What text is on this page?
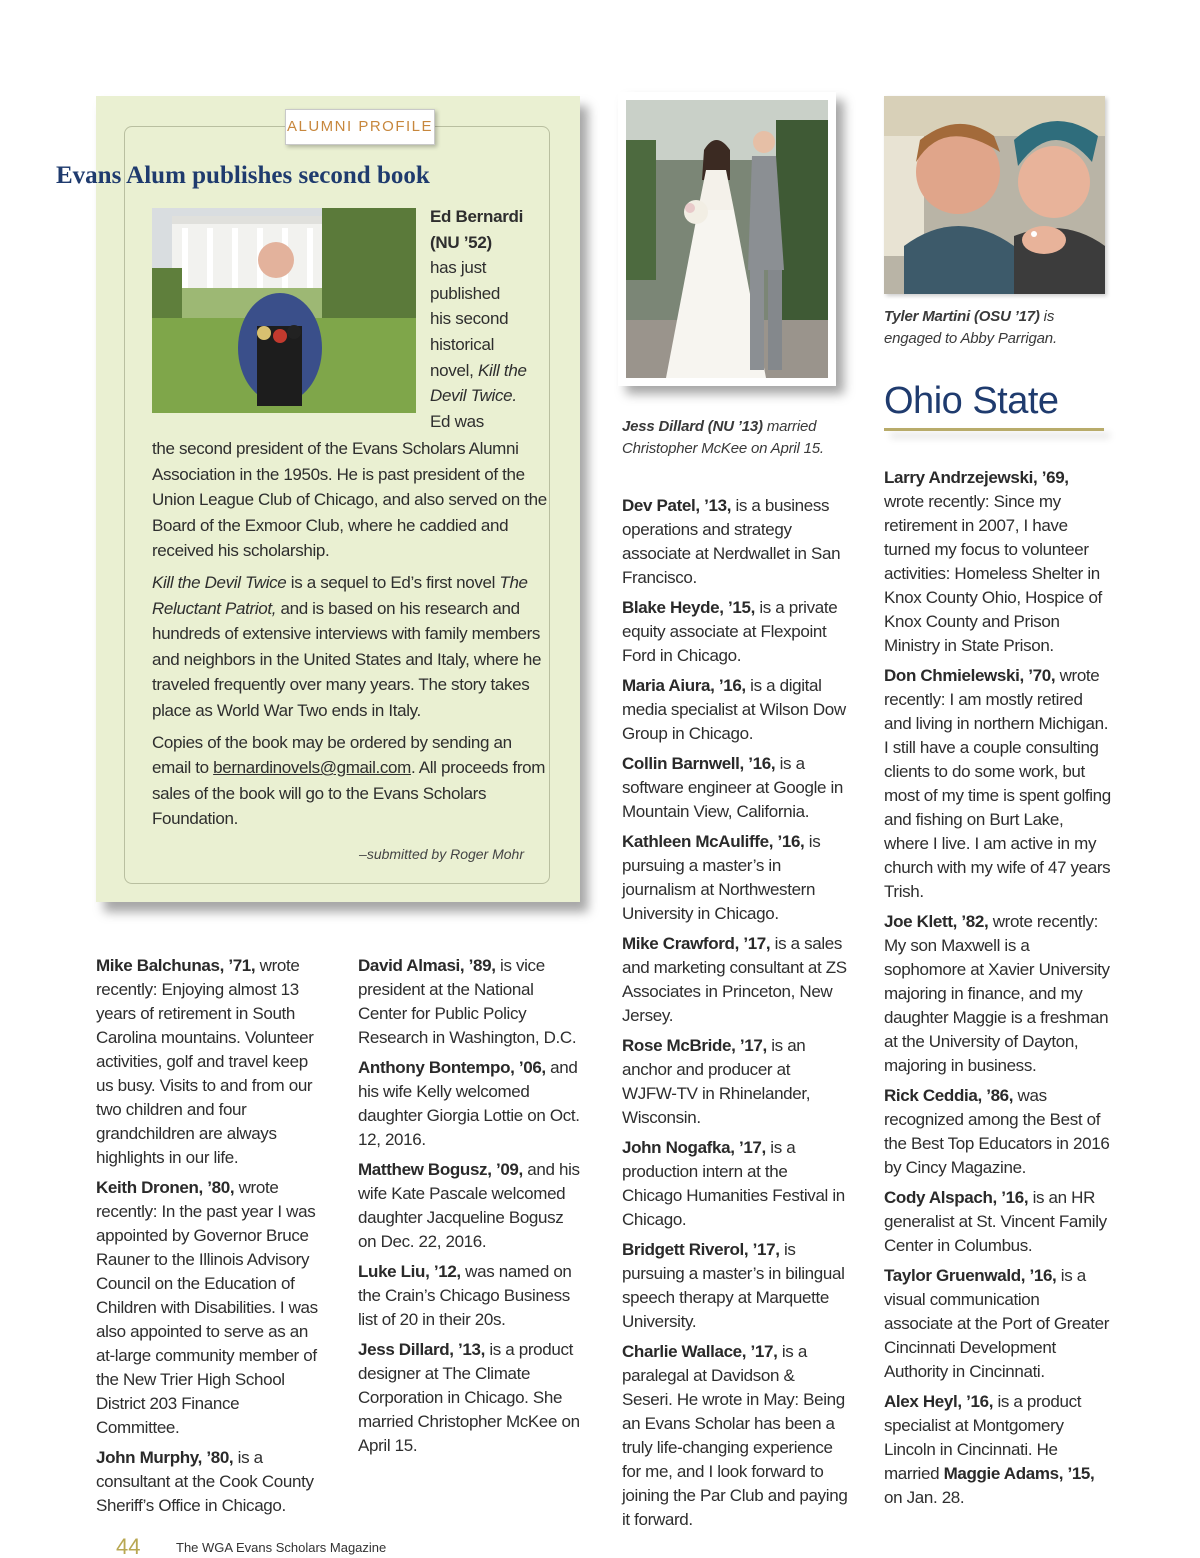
ALUMNI PROFILE
Evans Alum publishes second book
Ed Bernardi
(NU ’52)
has just
published
his second
historical
novel, Kill the
Devil Twice.
Ed was

the second president of the Evans Scholars Alumni Association in the 1950s. He is past president of the Union League Club of Chicago, and also served on the Board of the Exmoor Club, where he caddied and received his scholarship.

Kill the Devil Twice is a sequel to Ed’s first novel The Reluctant Patriot, and is based on his research and hundreds of extensive interviews with family members and neighbors in the United States and Italy, where he traveled frequently over many years. The story takes place as World War Two ends in Italy.

Copies of the book may be ordered by sending an email to bernardinovels@gmail.com. All proceeds from sales of the book will go to the Evans Scholars Foundation.

–submitted by Roger Mohr
Jess Dillard (NU ’13) married
Christopher McKee on April 15.
Tyler Martini (OSU ’17) is
engaged to Abby Parrigan.
Ohio State

Mike Balchunas, ’71, wrote recently: Enjoying almost 13 years of retirement in South Carolina mountains. Volunteer activities, golf and travel keep us busy. Visits to and from our two children and four grandchildren are always highlights in our life.

Keith Dronen, ’80, wrote recently: In the past year I was appointed by Governor Bruce Rauner to the Illinois Advisory Council on the Education of Children with Disabilities. I was also appointed to serve as an at-large community member of the New Trier High School District 203 Finance Committee.

John Murphy, ’80, is a consultant at the Cook County Sheriff’s Office in Chicago.

David Almasi, ’89, is vice president at the National Center for Public Policy Research in Washington, D.C.

Anthony Bontempo, ’06, and his wife Kelly welcomed daughter Giorgia Lottie on Oct. 12, 2016.

Matthew Bogusz, ’09, and his wife Kate Pascale welcomed daughter Jacqueline Bogusz on Dec. 22, 2016.

Luke Liu, ’12, was named on the Crain’s Chicago Business list of 20 in their 20s.

Jess Dillard, ’13, is a product designer at The Climate Corporation in Chicago. She married Christopher McKee on April 15.

Dev Patel, ’13, is a business operations and strategy associate at Nerdwallet in San Francisco.

Blake Heyde, ’15, is a private equity associate at Flexpoint Ford in Chicago.

Maria Aiura, ’16, is a digital media specialist at Wilson Dow Group in Chicago.

Collin Barnwell, ’16, is a software engineer at Google in Mountain View, California.

Kathleen McAuliffe, ’16, is pursuing a master’s in journalism at Northwestern University in Chicago.

Mike Crawford, ’17, is a sales and marketing consultant at ZS Associates in Princeton, New Jersey.

Rose McBride, ’17, is an anchor and producer at WJFW-TV in Rhinelander, Wisconsin.

John Nogafka, ’17, is a production intern at the Chicago Humanities Festival in Chicago.

Bridgett Riverol, ’17, is pursuing a master’s in bilingual speech therapy at Marquette University.

Charlie Wallace, ’17, is a paralegal at Davidson & Seseri. He wrote in May: Being an Evans Scholar has been a truly life-changing experience for me, and I look forward to joining the Par Club and paying it forward.

Larry Andrzejewski, ’69, wrote recently: Since my retirement in 2007, I have turned my focus to volunteer activities: Homeless Shelter in Knox County Ohio, Hospice of Knox County and Prison Ministry in State Prison.

Don Chmielewski, ’70, wrote recently: I am mostly retired and living in northern Michigan. I still have a couple consulting clients to do some work, but most of my time is spent golfing and fishing on Burt Lake, where I live. I am active in my church with my wife of 47 years Trish.

Joe Klett, ’82, wrote recently: My son Maxwell is a sophomore at Xavier University majoring in finance, and my daughter Maggie is a freshman at the University of Dayton, majoring in business.

Rick Ceddia, ’86, was recognized among the Best of the Best Top Educators in 2016 by Cincy Magazine.

Cody Alspach, ’16, is an HR generalist at St. Vincent Family Center in Columbus.

Taylor Gruenwald, ’16, is a visual communication associate at the Port of Greater Cincinnati Development Authority in Cincinnati.

Alex Heyl, ’16, is a product specialist at Montgomery Lincoln in Cincinnati. He married Maggie Adams, ’15, on Jan. 28.

44	The WGA Evans Scholars Magazine
